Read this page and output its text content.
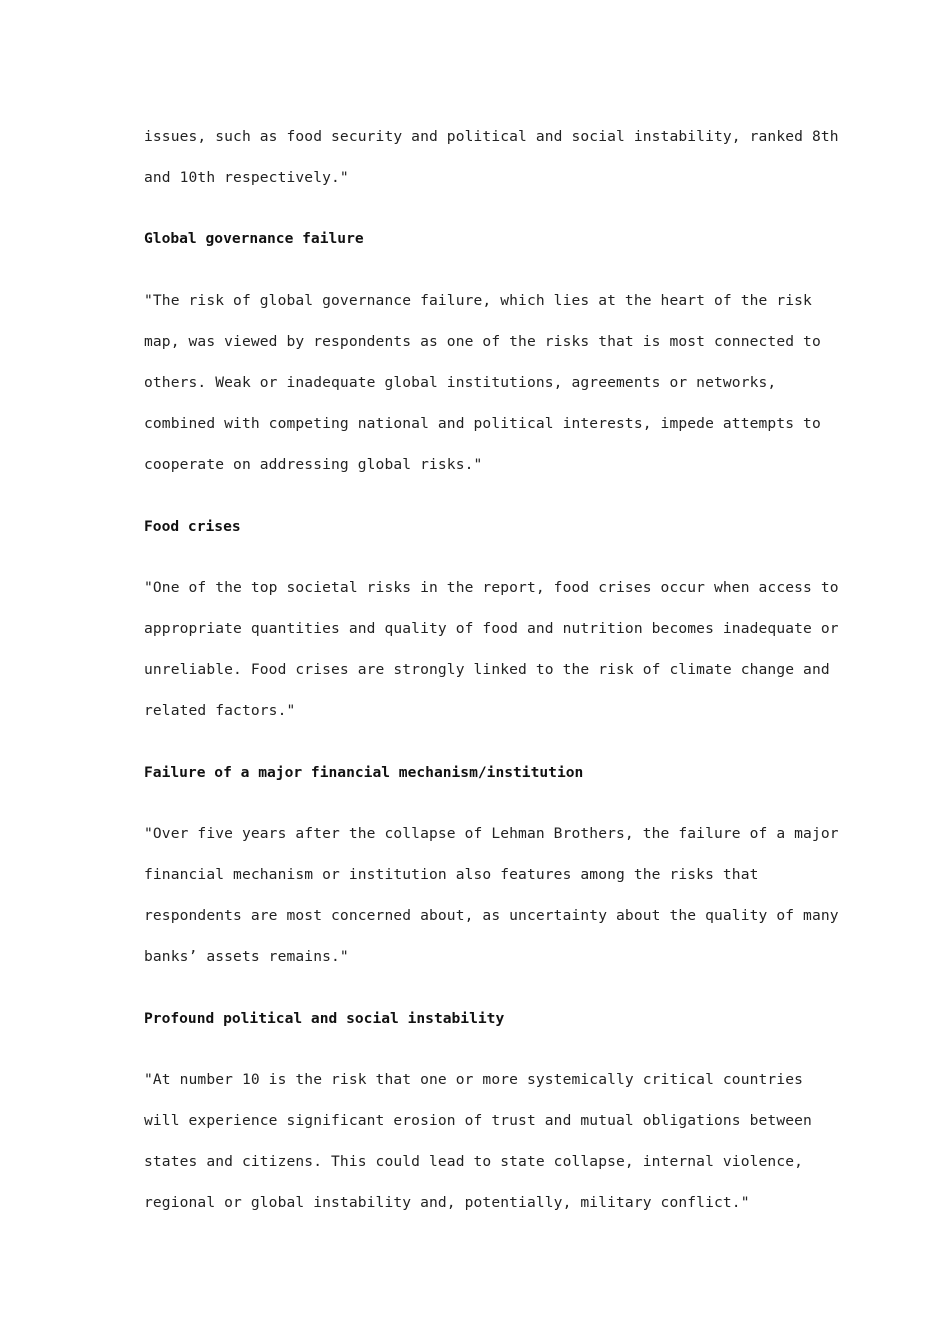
issues, such as food security and political and social instability, ranked 8th
and 10th respectively."
Global governance failure
"The risk of global governance failure, which lies at the heart of the risk
map, was viewed by respondents as one of the risks that is most connected to
others. Weak or inadequate global institutions, agreements or networks,
combined with competing national and political interests, impede attempts to
cooperate on addressing global risks."
Food crises
"One of the top societal risks in the report, food crises occur when access to
appropriate quantities and quality of food and nutrition becomes inadequate or
unreliable. Food crises are strongly linked to the risk of climate change and
related factors."
Failure of a major financial mechanism/institution
"Over five years after the collapse of Lehman Brothers, the failure of a major
financial mechanism or institution also features among the risks that
respondents are most concerned about, as uncertainty about the quality of many
banks’ assets remains."
Profound political and social instability
"At number 10 is the risk that one or more systemically critical countries
will experience significant erosion of trust and mutual obligations between
states and citizens. This could lead to state collapse, internal violence,
regional or global instability and, potentially, military conflict."
